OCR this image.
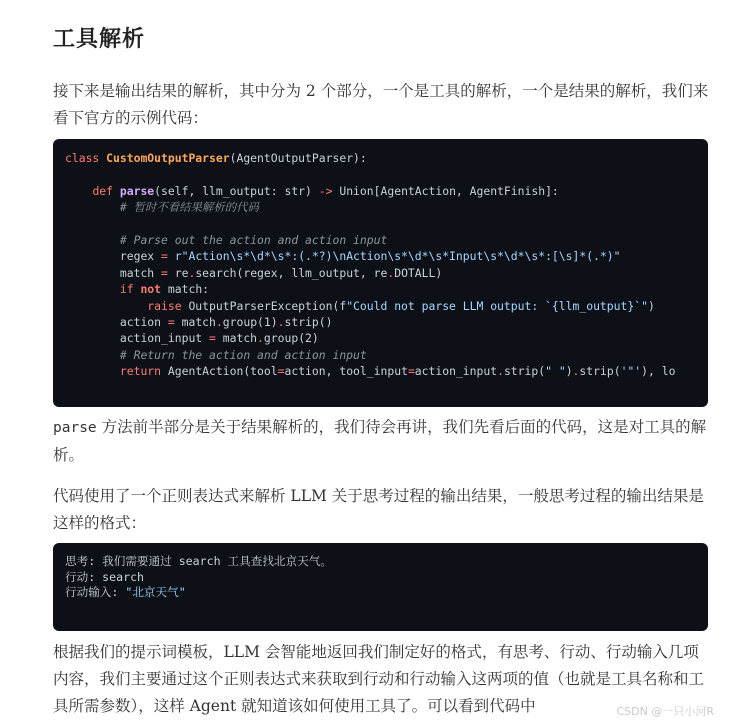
工具解析

接下来是输出结果的解析，其中分为 2 个部分，一个是工具的解析，一个是结果的解析，我们来看下官方的示例代码：

class CustomOutputParser(AgentOutputParser):

def parse(self, llm_output: str) -> Union[AgentAction, AgentFinish]:
# 暂时不看结果解析的代码

# Parse out the action and action input
regex = r"Action\s*\d*\s*:(.*?)\nAction\s*\d*\s*Input\s*\d*\s*:[\s]*(.*)"
match = re.search(regex, llm_output, re.DOTALL)
if not match:
raise OutputParserException(f"Could not parse LLM output: `{llm_output}`")
action = match.group(1).strip()
action_input = match.group(2)
# Return the action and action input
return AgentAction(tool=action, tool_input=action_input.strip(" ").strip('"'), lo

parse 方法前半部分是关于结果解析的，我们待会再讲，我们先看后面的代码，这是对工具的解析。

代码使用了一个正则表达式来解析 LLM 关于思考过程的输出结果，一般思考过程的输出结果是这样的格式：

思考: 我们需要通过 search 工具查找北京天气。
行动: search
行动输入: "北京天气"

根据我们的提示词模板，LLM 会智能地返回我们制定好的格式，有思考、行动、行动输入几项内容，我们主要通过这个正则表达式来获取到行动和行动输入这两项的值（也就是工具名称和工具所需参数），这样 Agent 就知道该如何使用工具了。可以看到代码中	CSDN @一只小河R
